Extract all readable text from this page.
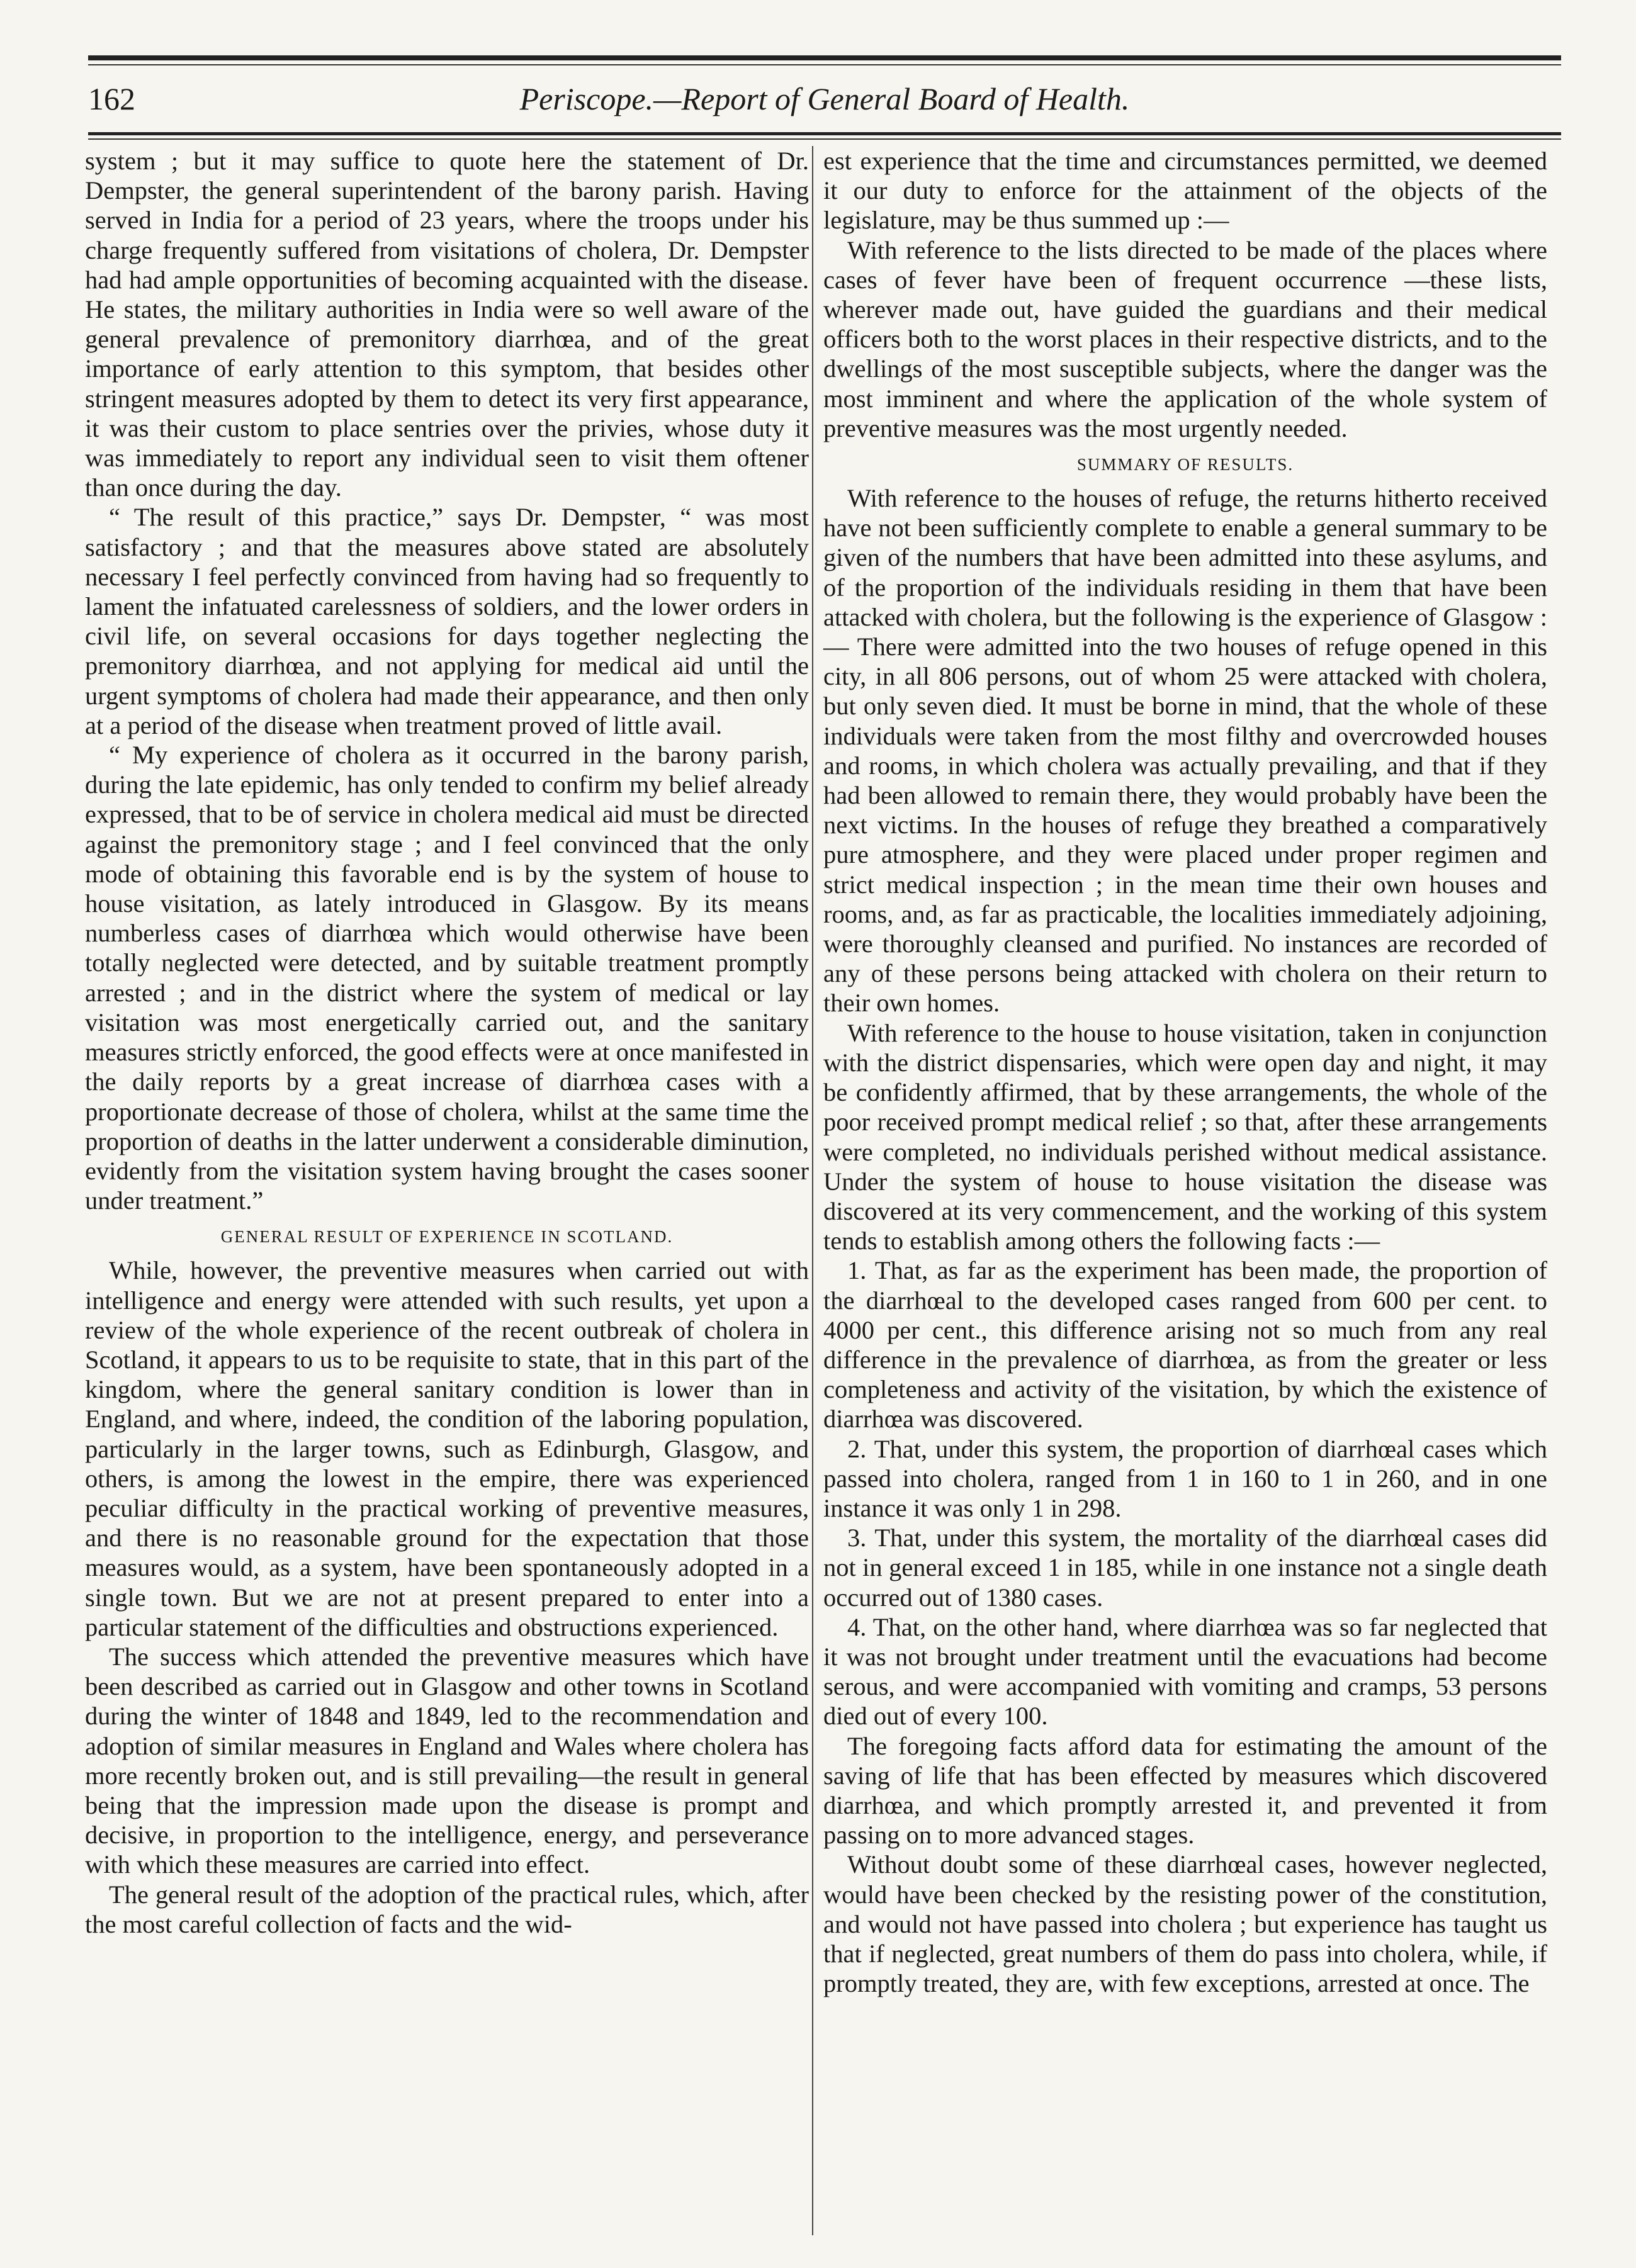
162	Periscope.—Report of General Board of Health.

system ; but it may suffice to quote here the statement of Dr. Dempster, the general superintendent of the barony parish. Having served in India for a period of 23 years, where the troops under his charge frequently suffered from visitations of cholera, Dr. Dempster had had ample opportunities of becoming acquainted with the disease. He states, the military authorities in India were so well aware of the general prevalence of premonitory diarrhœa, and of the great importance of early attention to this symptom, that besides other stringent measures adopted by them to detect its very first appearance, it was their custom to place sentries over the privies, whose duty it was immediately to report any individual seen to visit them oftener than once during the day.

“ The result of this practice,” says Dr. Dempster, “ was most satisfactory ; and that the measures above stated are absolutely necessary I feel perfectly convinced from having had so frequently to lament the infatuated carelessness of soldiers, and the lower orders in civil life, on several occasions for days together neglecting the premonitory diarrhœa, and not applying for medical aid until the urgent symptoms of cholera had made their appearance, and then only at a period of the disease when treatment proved of little avail.

“ My experience of cholera as it occurred in the barony parish, during the late epidemic, has only tended to confirm my belief already expressed, that to be of service in cholera medical aid must be directed against the premonitory stage ; and I feel convinced that the only mode of obtaining this favorable end is by the system of house to house visitation, as lately introduced in Glasgow. By its means numberless cases of diarrhœa which would otherwise have been totally neglected were detected, and by suitable treatment promptly arrested ; and in the district where the system of medical or lay visitation was most energetically carried out, and the sanitary measures strictly enforced, the good effects were at once manifested in the daily reports by a great increase of diarrhœa cases with a proportionate decrease of those of cholera, whilst at the same time the proportion of deaths in the latter underwent a considerable diminution, evidently from the visitation system having brought the cases sooner under treatment.”

GENERAL RESULT OF EXPERIENCE IN SCOTLAND.

While, however, the preventive measures when carried out with intelligence and energy were attended with such results, yet upon a review of the whole experience of the recent outbreak of cholera in Scotland, it appears to us to be requisite to state, that in this part of the kingdom, where the general sanitary condition is lower than in England, and where, indeed, the condition of the laboring population, particularly in the larger towns, such as Edinburgh, Glasgow, and others, is among the lowest in the empire, there was experienced peculiar difficulty in the practical working of preventive measures, and there is no reasonable ground for the expectation that those measures would, as a system, have been spontaneously adopted in a single town. But we are not at present prepared to enter into a particular statement of the difficulties and obstructions experienced.

The success which attended the preventive measures which have been described as carried out in Glasgow and other towns in Scotland during the winter of 1848 and 1849, led to the recommendation and adoption of similar measures in England and Wales where cholera has more recently broken out, and is still prevailing—the result in general being that the impression made upon the disease is prompt and decisive, in proportion to the intelligence, energy, and perseverance with which these measures are carried into effect.

The general result of the adoption of the practical rules, which, after the most careful collection of facts and the wid-

est experience that the time and circumstances permitted, we deemed it our duty to enforce for the attainment of the objects of the legislature, may be thus summed up :—

With reference to the lists directed to be made of the places where cases of fever have been of frequent occurrence —these lists, wherever made out, have guided the guardians and their medical officers both to the worst places in their respective districts, and to the dwellings of the most susceptible subjects, where the danger was the most imminent and where the application of the whole system of preventive measures was the most urgently needed.

SUMMARY OF RESULTS.

With reference to the houses of refuge, the returns hitherto received have not been sufficiently complete to enable a general summary to be given of the numbers that have been admitted into these asylums, and of the proportion of the individuals residing in them that have been attacked with cholera, but the following is the experience of Glasgow :— There were admitted into the two houses of refuge opened in this city, in all 806 persons, out of whom 25 were attacked with cholera, but only seven died. It must be borne in mind, that the whole of these individuals were taken from the most filthy and overcrowded houses and rooms, in which cholera was actually prevailing, and that if they had been allowed to remain there, they would probably have been the next victims. In the houses of refuge they breathed a comparatively pure atmosphere, and they were placed under proper regimen and strict medical inspection ; in the mean time their own houses and rooms, and, as far as practicable, the localities immediately adjoining, were thoroughly cleansed and purified. No instances are recorded of any of these persons being attacked with cholera on their return to their own homes.

With reference to the house to house visitation, taken in conjunction with the district dispensaries, which were open day and night, it may be confidently affirmed, that by these arrangements, the whole of the poor received prompt medical relief ; so that, after these arrangements were completed, no individuals perished without medical assistance. Under the system of house to house visitation the disease was discovered at its very commencement, and the working of this system tends to establish among others the following facts :—

1. That, as far as the experiment has been made, the proportion of the diarrhœal to the developed cases ranged from 600 per cent. to 4000 per cent., this difference arising not so much from any real difference in the prevalence of diarrhœa, as from the greater or less completeness and activity of the visitation, by which the existence of diarrhœa was discovered.

2. That, under this system, the proportion of diarrhœal cases which passed into cholera, ranged from 1 in 160 to 1 in 260, and in one instance it was only 1 in 298.

3. That, under this system, the mortality of the diarrhœal cases did not in general exceed 1 in 185, while in one instance not a single death occurred out of 1380 cases.

4. That, on the other hand, where diarrhœa was so far neglected that it was not brought under treatment until the evacuations had become serous, and were accompanied with vomiting and cramps, 53 persons died out of every 100.

The foregoing facts afford data for estimating the amount of the saving of life that has been effected by measures which discovered diarrhœa, and which promptly arrested it, and prevented it from passing on to more advanced stages.

Without doubt some of these diarrhœal cases, however neglected, would have been checked by the resisting power of the constitution, and would not have passed into cholera ; but experience has taught us that if neglected, great numbers of them do pass into cholera, while, if promptly treated, they are, with few exceptions, arrested at once. The
